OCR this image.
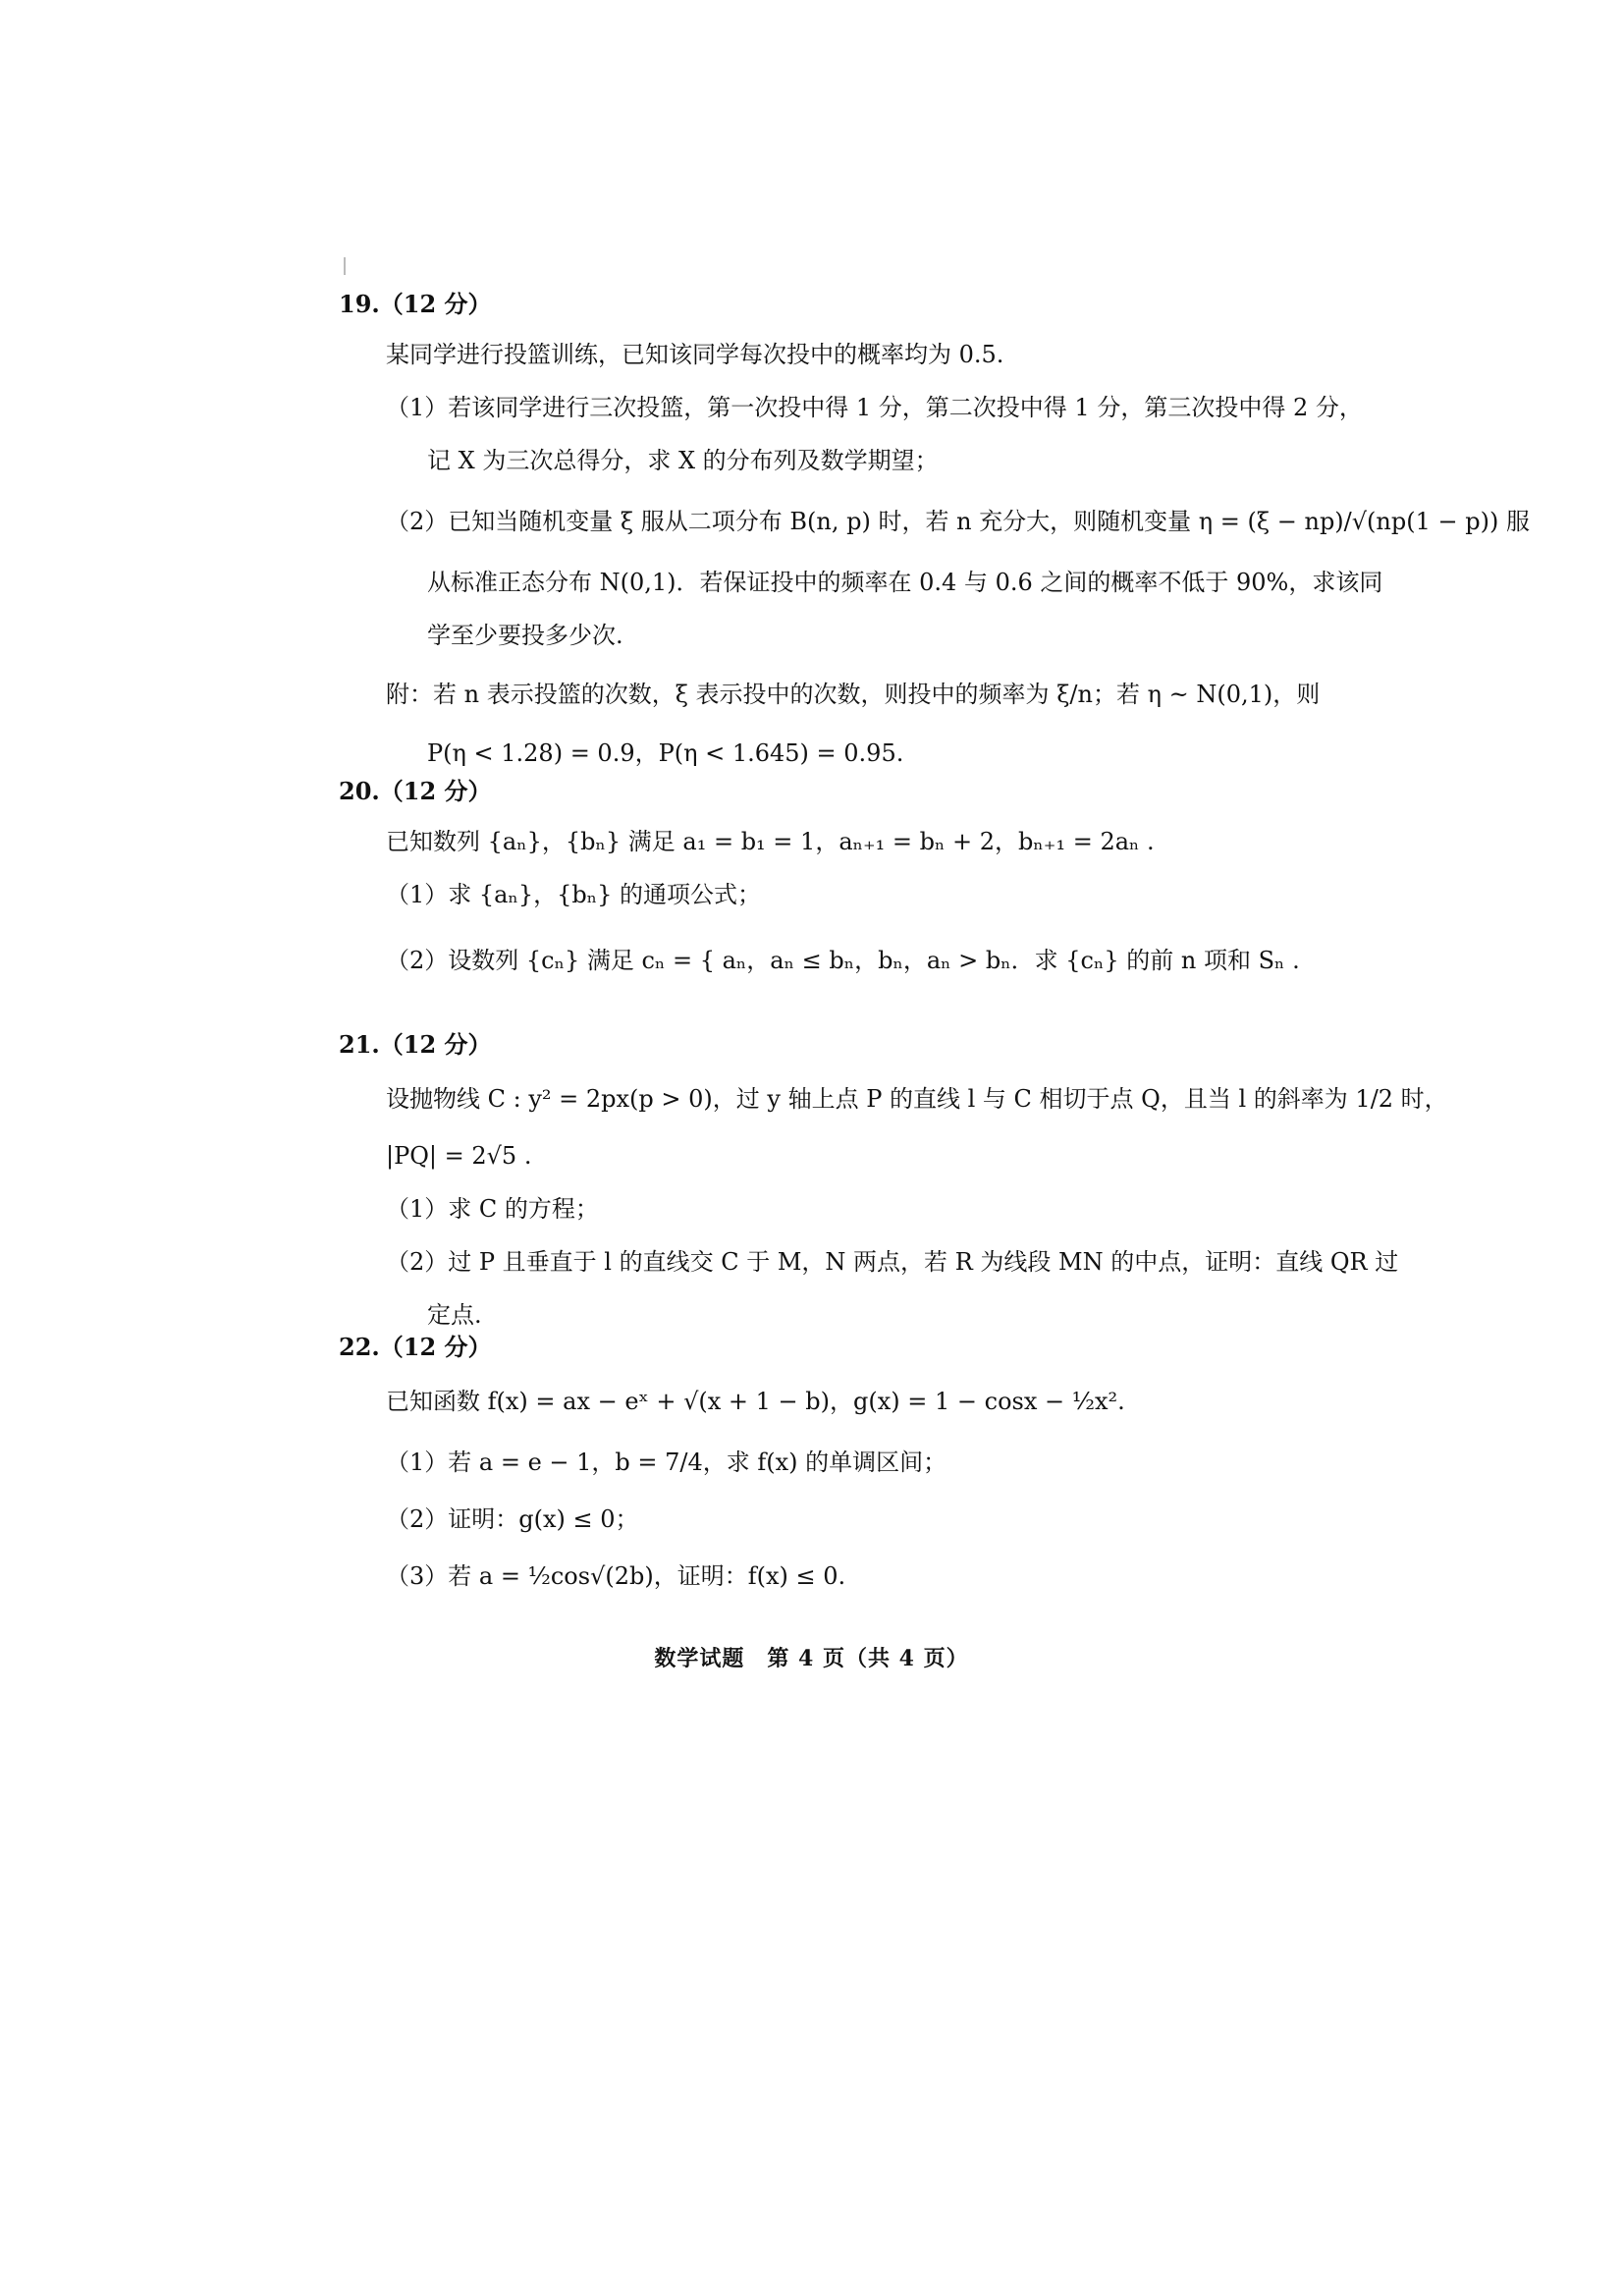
19.（12 分）
某同学进行投篮训练，已知该同学每次投中的概率均为 0.5.
（1）若该同学进行三次投篮，第一次投中得 1 分，第二次投中得 1 分，第三次投中得 2 分，
记 X 为三次总得分，求 X 的分布列及数学期望；
（2）已知当随机变量 ξ 服从二项分布 B(n, p) 时，若 n 充分大，则随机变量 η = (ξ − np)/√(np(1 − p)) 服
从标准正态分布 N(0,1)．若保证投中的频率在 0.4 与 0.6 之间的概率不低于 90%，求该同
学至少要投多少次.
附：若 n 表示投篮的次数，ξ 表示投中的次数，则投中的频率为 ξ/n；若 η ~ N(0,1)，则
P(η < 1.28) = 0.9，P(η < 1.645) = 0.95.
20.（12 分）
已知数列 {aₙ}，{bₙ} 满足 a₁ = b₁ = 1，aₙ₊₁ = bₙ + 2，bₙ₊₁ = 2aₙ .
（1）求 {aₙ}，{bₙ} 的通项公式；
（2）设数列 {cₙ} 满足 cₙ = { aₙ，aₙ ≤ bₙ，bₙ，aₙ > bₙ．求 {cₙ} 的前 n 项和 Sₙ .
21.（12 分）
设抛物线 C : y² = 2px(p > 0)，过 y 轴上点 P 的直线 l 与 C 相切于点 Q，且当 l 的斜率为 1/2 时，
|PQ| = 2√5 .
（1）求 C 的方程；
（2）过 P 且垂直于 l 的直线交 C 于 M，N 两点，若 R 为线段 MN 的中点，证明：直线 QR 过
定点.
22.（12 分）
已知函数 f(x) = ax − eˣ + √(x + 1 − b)，g(x) = 1 − cosx − ½x².
（1）若 a = e − 1，b = 7/4，求 f(x) 的单调区间；
（2）证明：g(x) ≤ 0；
（3）若 a = ½cos√(2b)，证明：f(x) ≤ 0.
数学试题　第 4 页（共 4 页）
